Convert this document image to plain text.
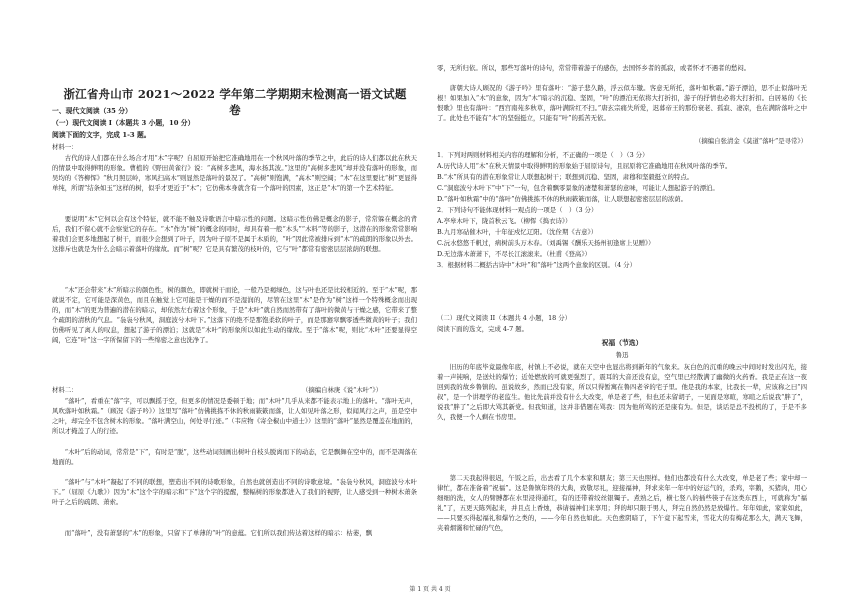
浙江省舟山市 2021～2022 学年第二学期期末检测高一语文试题卷
一、现代文阅读（35 分）
（一）现代文阅读 I（本题共 3 小题，10 分）
阅读下面的文字，完成 1-3 题。
材料一：
古代的诗人们都在什么场合才用“木”字呢？自屈原开始把它准确地用在一个秋风叶落的季节之中，此后的诗人们都以此在秋天的情景中取得鲜明的形象。曹植的《野田黄雀行》说：“高树多悲风，海水扬其波。”这里的“高树多悲风”却并没有落叶的形象，而吴均的《答柳恽》“秋月照层岭，寒风扫高木”则显然是落叶的景况了。“高树”则饱满，“高木”则空阔；“木”在这里要比“树”更显得单纯，所谓“结条如玉”这样的树，似乎才更近于“木”；它仿佛本身就含有一个落叶的因素，这正是“木”的第一个艺术特征。
要说明“木”它何以会有这个特征，就不能不触及诗歌语言中暗示性的问题。这暗示性仿佛是概念的影子，常常躲在概念的背后，我们不留心就不会察觉它的存在。“木”作为“树”的概念的同时，却具有着一般“木头”“木料”等的影子，这潜在的形象常常影响着我们会更多地想起了树干，而很少会想到了叶子，因为叶子原不是属于木质的，“叶”因此常被排斥到“木”的疏朗的形象以外去。这排斥也就是为什么会暗示着落叶的缘故。而“树”呢？它是具有繁茂的枝叶的，它与“叶”都常有密密层层浓荫的联想。
“木”还会带来“木”所暗示的颜色性，树的颜色，即就树干而论，一般乃是褐绿色，这与叶也还是比较相近的。至于“木”呢，那就说不定，它可能是深黄色，而且在触觉上它可能是干燥的而不是湿润的，尽管在这里“木”是作为“树”这样一个特殊概念而出现的，而“木”的更为普遍的潜在的暗示，却依然左右着这个形象，于是“木叶”就自然而然带有了落叶的微黄与干燥之感，它带来了整个疏朗的清秋的气息。“袅袅兮秋风，洞庭波兮木叶下。”这落下的绝不是那饱柔软的叶子，而是那窸窣飘零透些微黄的叶子；我们仿佛听见了离人的叹息，想起了游子的漂泊；这就是“木叶”的形象所以如此生动的缘故。至于“落木”呢，则比“木叶”还要显得空阔，它连“叶”这一字所保留下的一些绵密之意也洗净了。
（摘编自林庚《说“木叶”》）
材料二：
“落叶”，看重在“落”字，可以飘摇于空，但更多的情况是委顿于地；而“木叶”几乎从来都不能表示地上的落叶。“落叶无声，风吹落叶如秋霜。”（顾况《游子吟》）这里写“落叶”仿佛挑拣不休的秋雨簌簌而落，让人如见叶落之形，似闻风行之声，虽是空中之叶，却完全不包含树木的形象。“落叶满空山，何处寻行迹。”（韦应物《寄全椒山中道士》）这里的“落叶”显然是覆盖在地面的，所以才掩盖了人的行迹。
“木叶”后的动词，常常是“下”，有时是“脱”，这些动词刻画出树叶自枝头脱离而下的动态，它是飘舞在空中的，而不是凋落在地面的。
“落叶”与“木叶”凝起了不同的联想，塑造出不同的诗歌形象，自然也就创造出不同的诗歌意境。“袅袅兮秋风，洞庭波兮木叶下。”（屈原《九歌》）因为“木”这个字的暗示和“下”这个字的提醒，整幅树的形象都进入了我们的视野，让人感受到一种树木萧条叶子之后的疏朗、萧索。
而“落叶”，没有萧瑟的“木”的形象，只留下了单薄的“叶”的意蕴。它们所以我们传达着这样的暗示：枯萎，飘
零，无所归依。所以，那些写落叶的诗句，常常带着游子的感伤，去国怀乡者的孤寂，或者怀才不遇者的愁闷。
唐朝大诗人顾况的《游子吟》里有落叶：“游子悲久路，浮云似车辙。客意无所托，落叶如秋霜。”游子漂泊，思不止似落叶无根！如果加入“木”的意象，因为“木”暗示的沉稳、坚固，“叶”的漂泊无依将大打折扣，游子的抒情也必将大打折扣。白居易的《长恨歌》里也有落叶：“西宫南苑多秋草，落叶满阶红不扫。”唐玄宗痛失所爱，迟暮帝王的那份衰老、孤寂、凄凉，也在满阶落叶之中了。此处也不能有“木”的坚强挺立，只能有“叶”的孤苦无依。
（摘编自张清金《莫道“落叶”是寻常》）
1．下列对两则材料相关内容的理解和分析，不正确的一项是（　）（3 分）
A.历代诗人用“木”在秋天情景中取得鲜明的形象始于屈原诗句，且屈原将它准确地用在秋风叶落的季节。
B.“木”所具有的潜在形象常让人联想起树干；联想到沉稳、坚固，肃穆和坚毅挺立的特点。
C.“洞庭波兮木叶下”中“下”一句，包含着飘零景象的凄楚和萧瑟的意味，可能让人想起游子的漂泊。
D.“落叶如秋霜”中的“落叶”仿佛挑拣不休的秋雨簌簌而落，让人联想起密密层层的浓荫。
2．下列诗句不能体现材料一观点的一项是（　）（3 分）
A.亭皋木叶下，陇首秋云飞。（柳恽《捣衣诗》）
B.九月寒砧催木叶，十年征戍忆辽阳。（沈佺期《古意》）
C.沅水悠悠千帆过，病树前头万木春。（刘禹锡《酬乐天扬州初逢席上见赠》）
D.无边落木萧萧下，不尽长江滚滚来。（杜甫《登高》）
3．根据材料二概括古诗中“木叶”和“落叶”这两个意象的区别。（4 分）
（二）现代文阅读 II（本题共 4 小题，18 分）
阅读下面的选文，完成 4-7 题。
祝福（节选）
鲁迅
旧历的年底毕竟最像年底，村镇上不必说，就在天空中也显出将到新年的气象来。灰白色的沉重的晚云中间时时发出闪光，接着一声钝响，是送灶的爆竹；近处燃放的可就更强烈了，震耳的大音还没有息，空气里已经散满了幽微的火药香。我是正在这一夜回到我的故乡鲁镇的。虽说故乡，然而已没有家，所以只得暂寓在鲁四老爷的宅子里。他是我的本家，比我长一辈，应该称之曰“四叔”，是一个讲理学的老监生。他比先前并没有什么大改变，单是老了些，但也还未留胡子，一见面是寒暄，寒暄之后说我“胖了”，说我“胖了”之后即大骂其新党。但我知道，这并非借题在骂我：因为他所骂的还是康有为。但是，谈话是总不投机的了，于是不多久，我便一个人剩在书房里。
第二天我起得很迟，午饭之后，出去看了几个本家和朋友；第三天也照样。他们也都没有什么大改变，单是老了些；家中却一律忙，都在准备着“祝福”。这是鲁镇年终的大典，致敬尽礼，迎接福神，拜求来年一年中的好运气的，杀鸡，宰鹅，买猪肉，用心细细的洗，女人的臂膊都在水里浸得通红，有的还带着绞丝银镯子。煮熟之后，横七竖八的插些筷子在这类东西上，可就称为“福礼”了，五更天陈列起来，并且点上香烛，恭请福神们来享用；拜的却只限于男人，拜完自然仍然是放爆竹。年年如此，家家如此，——只要买得起福礼和爆竹之类的，——今年自然也如此。天色愈阴暗了，下午竟下起雪来，雪花大的有梅花那么大，满天飞舞，夹着烟霭和忙碌的气色，
第 1 页 共 4 页
